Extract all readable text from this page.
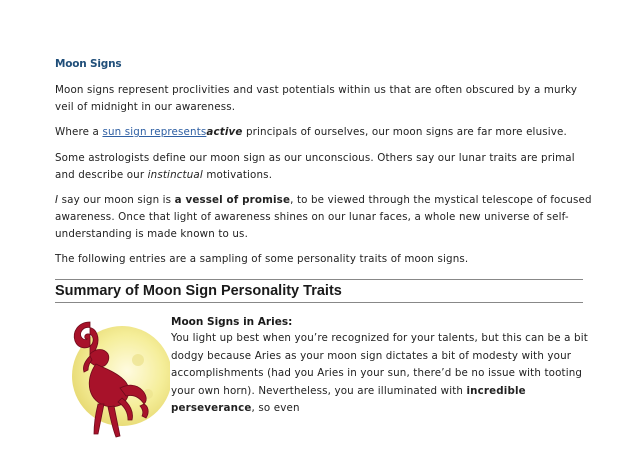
Moon Signs
Moon signs represent proclivities and vast potentials within us that are often obscured by a murky veil of midnight in our awareness.
Where a sun sign representsactive principals of ourselves, our moon signs are far more elusive.
Some astrologists define our moon sign as our unconscious. Others say our lunar traits are primal and describe our instinctual motivations.
I say our moon sign is a vessel of promise, to be viewed through the mystical telescope of focused awareness. Once that light of awareness shines on our lunar faces, a whole new universe of self-understanding is made known to us.
The following entries are a sampling of some personality traits of moon signs.
Summary of Moon Sign Personality Traits
Moon Signs in Aries:
You light up best when you’re recognized for your talents, but this can be a bit dodgy because Aries as your moon sign dictates a bit of modesty with your accomplishments (had you Aries in your sun, there’d be no issue with tooting your own horn). Nevertheless, you are illuminated with incredible perseverance, so even
